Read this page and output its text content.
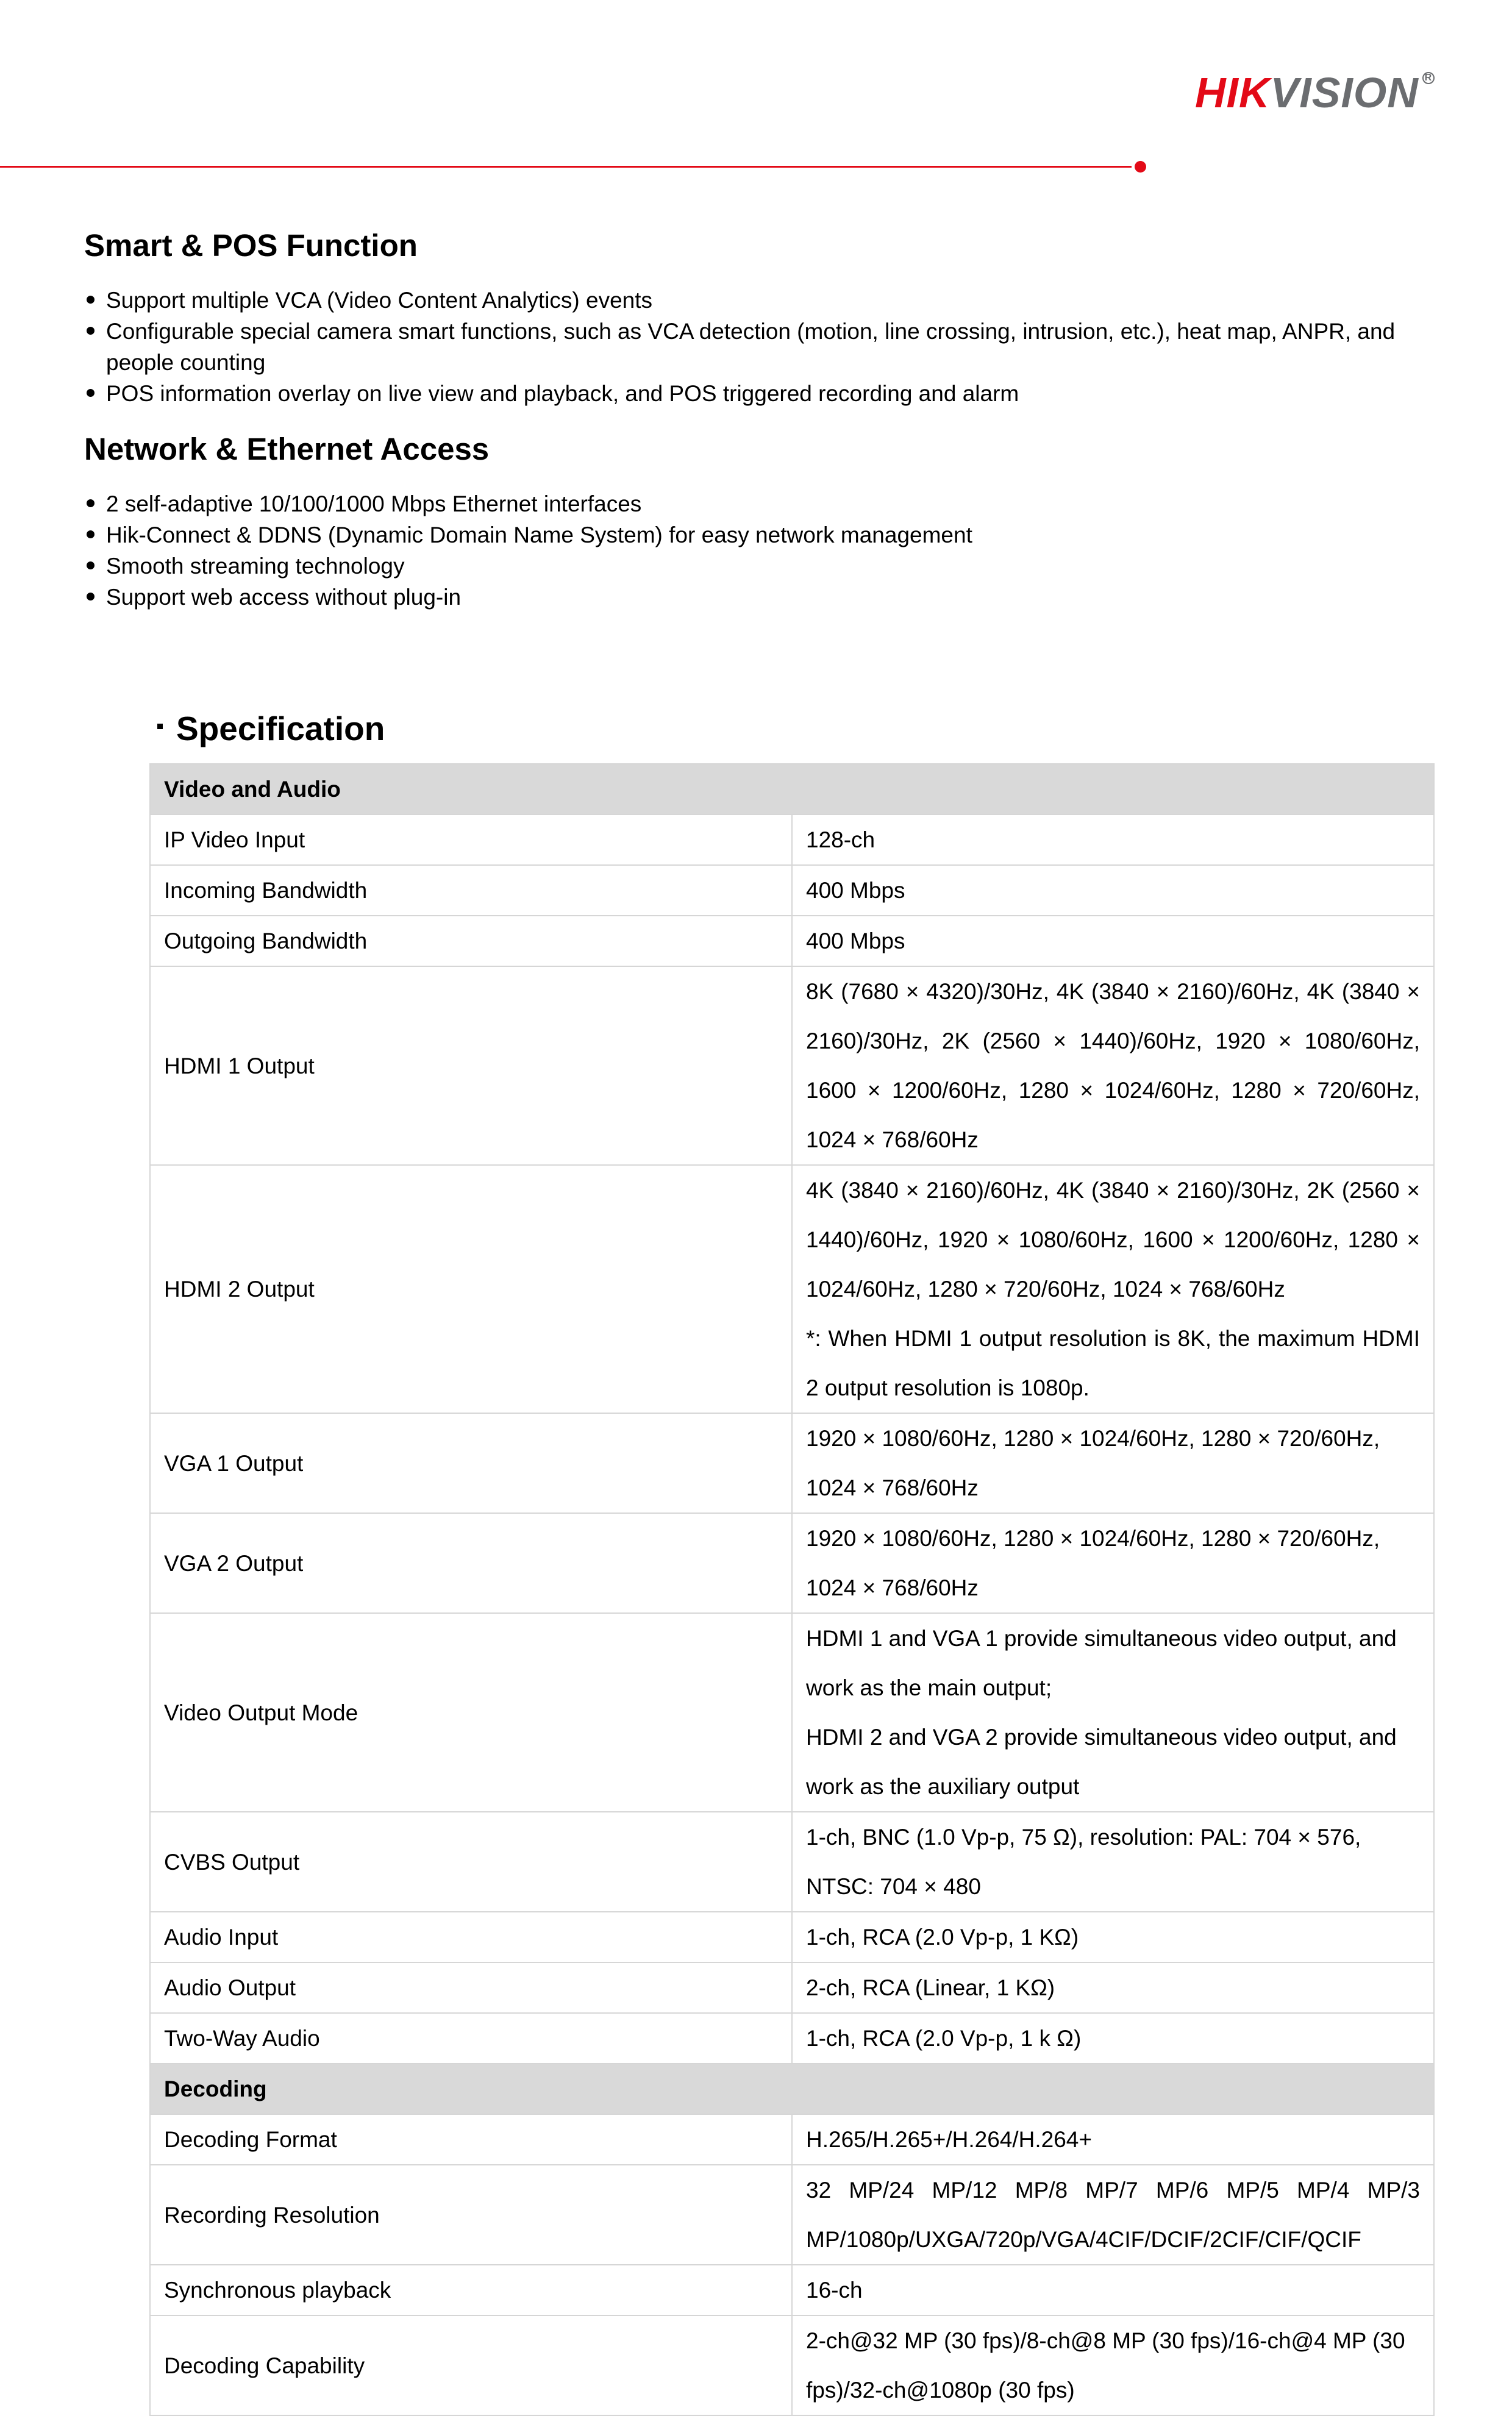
HIKVISION R
Smart & POS Function
Support multiple VCA (Video Content Analytics) events
Configurable special camera smart functions, such as VCA detection (motion, line crossing, intrusion, etc.), heat map, ANPR, and people counting
POS information overlay on live view and playback, and POS triggered recording and alarm
Network & Ethernet Access
2 self-adaptive 10/100/1000 Mbps Ethernet interfaces
Hik-Connect & DDNS (Dynamic Domain Name System) for easy network management
Smooth streaming technology
Support web access without plug-in
Specification
Video and Audio	
IP Video Input	128-ch
Incoming Bandwidth	400 Mbps
Outgoing Bandwidth	400 Mbps
HDMI 1 Output	8K (7680 × 4320)/30Hz, 4K (3840 × 2160)/60Hz, 4K (3840 × 2160)/30Hz, 2K (2560 × 1440)/60Hz, 1920 × 1080/60Hz, 1600 × 1200/60Hz, 1280 × 1024/60Hz, 1280 × 720/60Hz, 1024 × 768/60Hz
HDMI 2 Output	4K (3840 × 2160)/60Hz, 4K (3840 × 2160)/30Hz, 2K (2560 × 1440)/60Hz, 1920 × 1080/60Hz, 1600 × 1200/60Hz, 1280 × 1024/60Hz, 1280 × 720/60Hz, 1024 × 768/60Hz
*: When HDMI 1 output resolution is 8K, the maximum HDMI 2 output resolution is 1080p.

VGA 1 Output	1920 × 1080/60Hz, 1280 × 1024/60Hz, 1280 × 720/60Hz, 1024 × 768/60Hz
VGA 2 Output	1920 × 1080/60Hz, 1280 × 1024/60Hz, 1280 × 720/60Hz, 1024 × 768/60Hz
Video Output Mode	HDMI 1 and VGA 1 provide simultaneous video output, and work as the main output;
HDMI 2 and VGA 2 provide simultaneous video output, and work as the auxiliary output

CVBS Output	1-ch, BNC (1.0 Vp-p, 75 Ω), resolution: PAL: 704 × 576, NTSC: 704 × 480
Audio Input	1-ch, RCA (2.0 Vp-p, 1 KΩ)
Audio Output	2-ch, RCA (Linear, 1 KΩ)
Two-Way Audio	1-ch, RCA (2.0 Vp-p, 1 k Ω)
Decoding	
Decoding Format	H.265/H.265+/H.264/H.264+
Recording Resolution	32 MP/24 MP/12 MP/8 MP/7 MP/6 MP/5 MP/4 MP/3 MP/1080p/UXGA/720p/VGA/4CIF/DCIF/2CIF/CIF/QCIF
Synchronous playback	16-ch
Decoding Capability	2-ch@32 MP (30 fps)/8-ch@8 MP (30 fps)/16-ch@4 MP (30 fps)/32-ch@1080p (30 fps)
